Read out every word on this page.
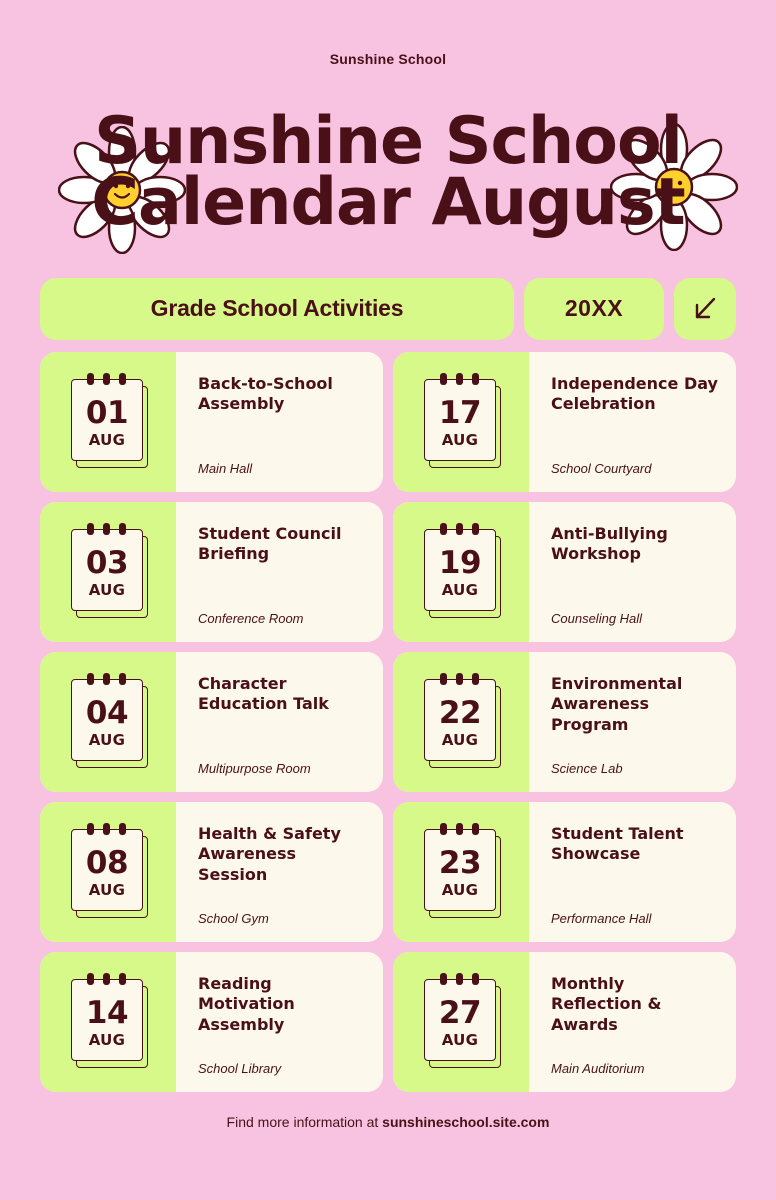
Sunshine School
Sunshine School
Calendar August
Grade School Activities	20XX
01
AUG
Back-to-School Assembly
Main Hall
17
AUG
Independence Day Celebration
School Courtyard
03
AUG
Student Council Briefing
Conference Room
19
AUG
Anti-Bullying Workshop
Counseling Hall
04
AUG
Character Education Talk
Multipurpose Room
22
AUG
Environmental Awareness Program
Science Lab
08
AUG
Health & Safety Awareness Session
School Gym
23
AUG
Student Talent Showcase
Performance Hall
14
AUG
Reading Motivation Assembly
School Library
27
AUG
Monthly Reflection & Awards
Main Auditorium
Find more information at sunshineschool.site.com
